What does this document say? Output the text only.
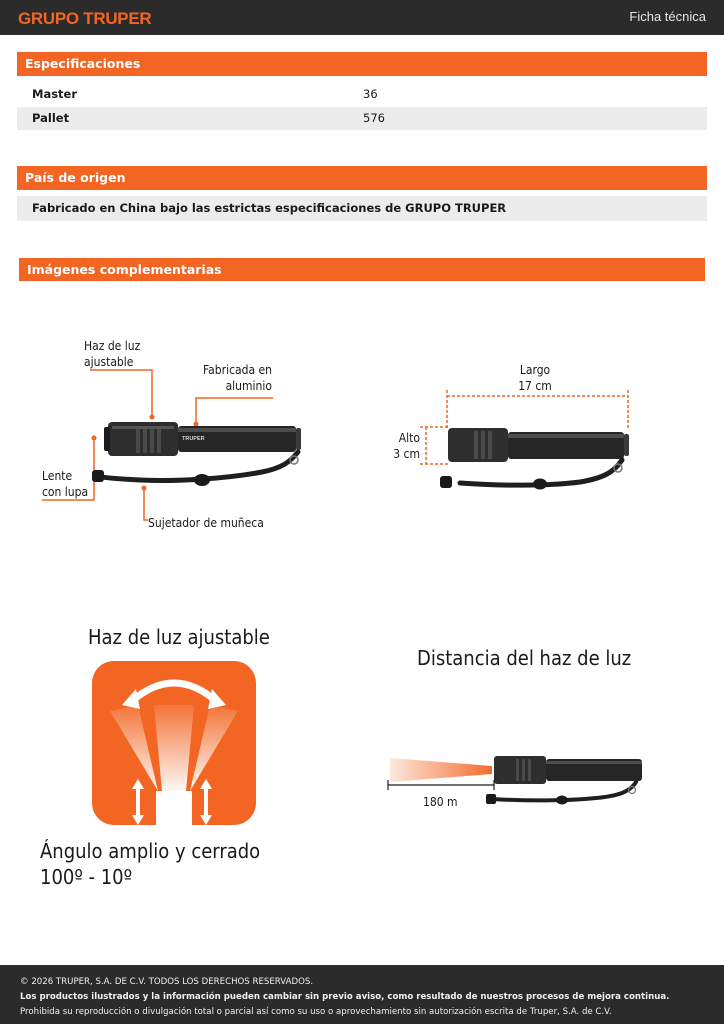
GRUPO TRUPER	Ficha técnica
Especificaciones
Master	36
Pallet	576
País de origen
Fabricado en China bajo las estrictas especificaciones de GRUPO TRUPER
Imágenes complementarias
TRUPER
Haz de luz
ajustable
Fabricada en
aluminio
Lente
con lupa
Sujetador de muñeca
Largo
17 cm
Alto
3 cm
Haz de luz ajustable
Ángulo amplio y cerrado
100º - 10º
Distancia del haz de luz
180 m
© 2026 TRUPER, S.A. DE C.V. TODOS LOS DERECHOS RESERVADOS.
Los productos ilustrados y la información pueden cambiar sin previo aviso, como resultado de nuestros procesos de mejora continua.
Prohibida su reproducción o divulgación total o parcial así como su uso o aprovechamiento sin autorización escrita de Truper, S.A. de C.V.
